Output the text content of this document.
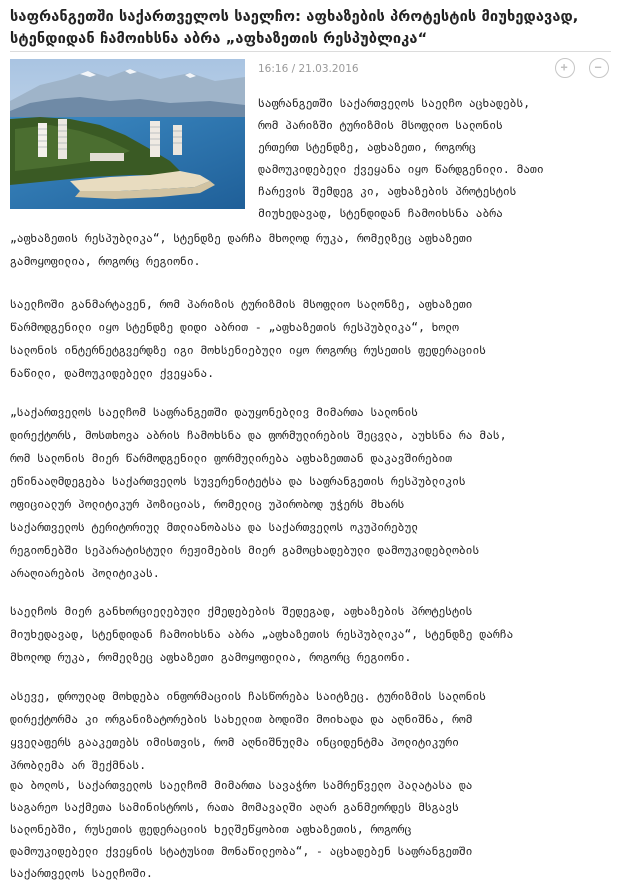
საფრანგეთში საქართველოს საელჩო: აფხაზების პროტესტის მიუხედავად,
სტენდიდან ჩამოიხსნა აბრა „აფხაზეთის რესპუბლიკა“
16:16 / 21.03.2016
საფრანგეთში საქართველოს საელჩო აცხადებს,
რომ პარიზში ტურიზმის მსოფლიო სალონის
ერთერთ სტენდზე, აფხაზეთი, როგორც
დამოუკიდებელი ქვეყანა იყო წარდგენილი. მათი
ჩარევის შემდეგ კი, აფხაზების პროტესტის
მიუხედავად, სტენდიდან ჩამოიხსნა აბრა
„აფხაზეთის რესპუბლიკა“, სტენდზე დარჩა მხოლოდ რუკა, რომელზეც აფხაზეთი
გამოყოფილია, როგორც რეგიონი.
საელჩოში განმარტავენ, რომ პარიზის ტურიზმის მსოფლიო სალონზე, აფხაზეთი
წარმოდგენილი იყო სტენდზე დიდი აბრით - „აფხაზეთის რესპუბლიკა“, ხოლო
სალონის ინტერნეტგვერდზე იგი მოხსენიებული იყო როგორც რუსეთის ფედერაციის
ნაწილი, დამოუკიდებელი ქვეყანა.
„საქართველოს საელჩომ საფრანგეთში დაუყონებლივ მიმართა სალონის
დირექტორს, მოსთხოვა აბრის ჩამოხსნა და ფორმულირების შეცვლა, აუხსნა რა მას,
რომ სალონის მიერ წარმოდგენილი ფორმულირება აფხაზეთთან დაკავშირებით
ეწინააღმდეგება საქართველოს სუვერენიტეტსა და საფრანგეთის რესპუბლიკის
ოფიციალურ პოლიტიკურ პოზიციას, რომელიც უპირობოდ უჭერს მხარს
საქართველოს ტერიტორიულ მთლიანობასა და საქართველოს ოკუპირებულ
რეგიონებში სეპარატისტული რეჟიმების მიერ გამოცხადებული დამოუკიდებლობის
არაღიარების პოლიტიკას.
საელჩოს მიერ განხორციელებული ქმედებების შედეგად, აფხაზების პროტესტის
მიუხედავად, სტენდიდან ჩამოიხსნა აბრა „აფხაზეთის რესპუბლიკა“, სტენდზე დარჩა
მხოლოდ რუკა, რომელზეც აფხაზეთი გამოყოფილია, როგორც რეგიონი.
ასევე, დროულად მოხდება ინფორმაციის ჩასწორება საიტზეც. ტურიზმის სალონის
დირექტორმა კი ორგანიზატორების სახელით ბოდიში მოიხადა და აღნიშნა, რომ
ყველაფერს გააკეთებს იმისთვის, რომ აღნიშნულმა ინციდენტმა პოლიტიკური
პრობლემა არ შექმნას.
და ბოლოს, საქართველოს საელჩომ მიმართა სავაჭრო სამრეწველო პალატასა და
საგარეო საქმეთა სამინისტროს, რათა მომავალში აღარ განმეორდეს მსგავს
სალონებში, რუსეთის ფედერაციის ხელშეწყობით აფხაზეთის, როგორც
დამოუკიდებელი ქვეყნის სტატუსით მონაწილეობა“, - აცხადებენ საფრანგეთში
საქართველოს საელჩოში.
